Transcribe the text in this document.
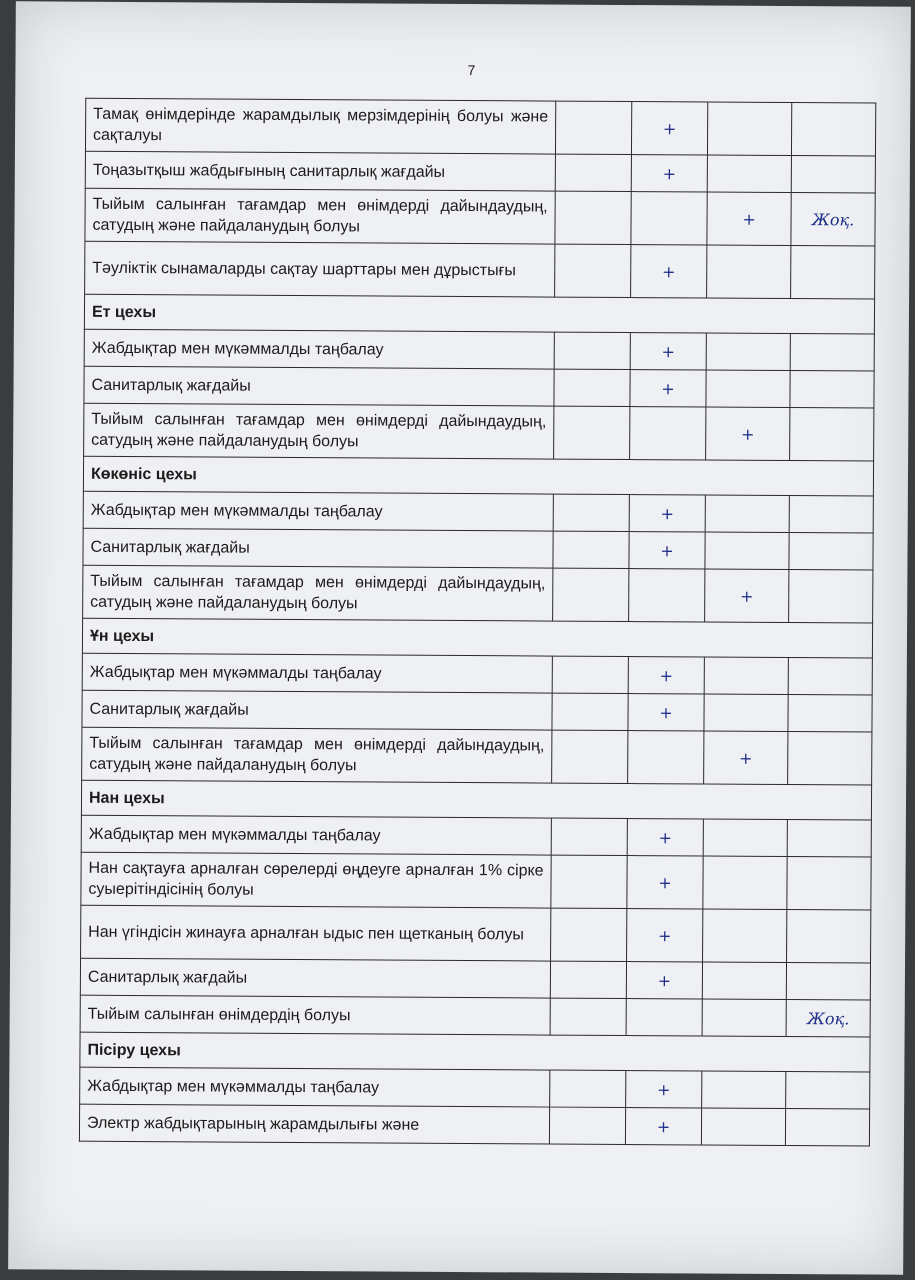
7
Тамақ өнімдерінде жарамдылық мерзімдерінің болуы және сақталуы		+		
Тоңазытқыш жабдығының санитарлық жағдайы		+		
Тыйым салынған тағамдар мен өнімдерді дайындаудың, сатудың және пайдаланудың болуы			+	Жоқ.
Тәуліктік сынамаларды сақтау шарттары мен дұрыстығы		+		
Ет цехы				
Жабдықтар мен мүкәммалды таңбалау		+		
Санитарлық жағдайы		+		
Тыйым салынған тағамдар мен өнімдерді дайындаудың, сатудың және пайдаланудың болуы			+	
Көкөніс цехы				
Жабдықтар мен мүкәммалды таңбалау		+		
Санитарлық жағдайы		+		
Тыйым салынған тағамдар мен өнімдерді дайындаудың, сатудың және пайдаланудың болуы			+	
Ұн цехы				
Жабдықтар мен мүкәммалды таңбалау		+		
Санитарлық жағдайы		+		
Тыйым салынған тағамдар мен өнімдерді дайындаудың, сатудың және пайдаланудың болуы			+	
Нан цехы				
Жабдықтар мен мүкәммалды таңбалау		+		
Нан сақтауға арналған сөрелерді өңдеуге арналған 1% сірке суыерітіндісінің болуы		+		
Нан үгіндісін жинауға арналған ыдыс пен щетканың болуы		+		
Санитарлық жағдайы		+		
Тыйым салынған өнімдердің болуы				Жоқ.
Пісіру цехы				
Жабдықтар мен мүкәммалды таңбалау		+		
Электр жабдықтарының жарамдылығы және		+		
